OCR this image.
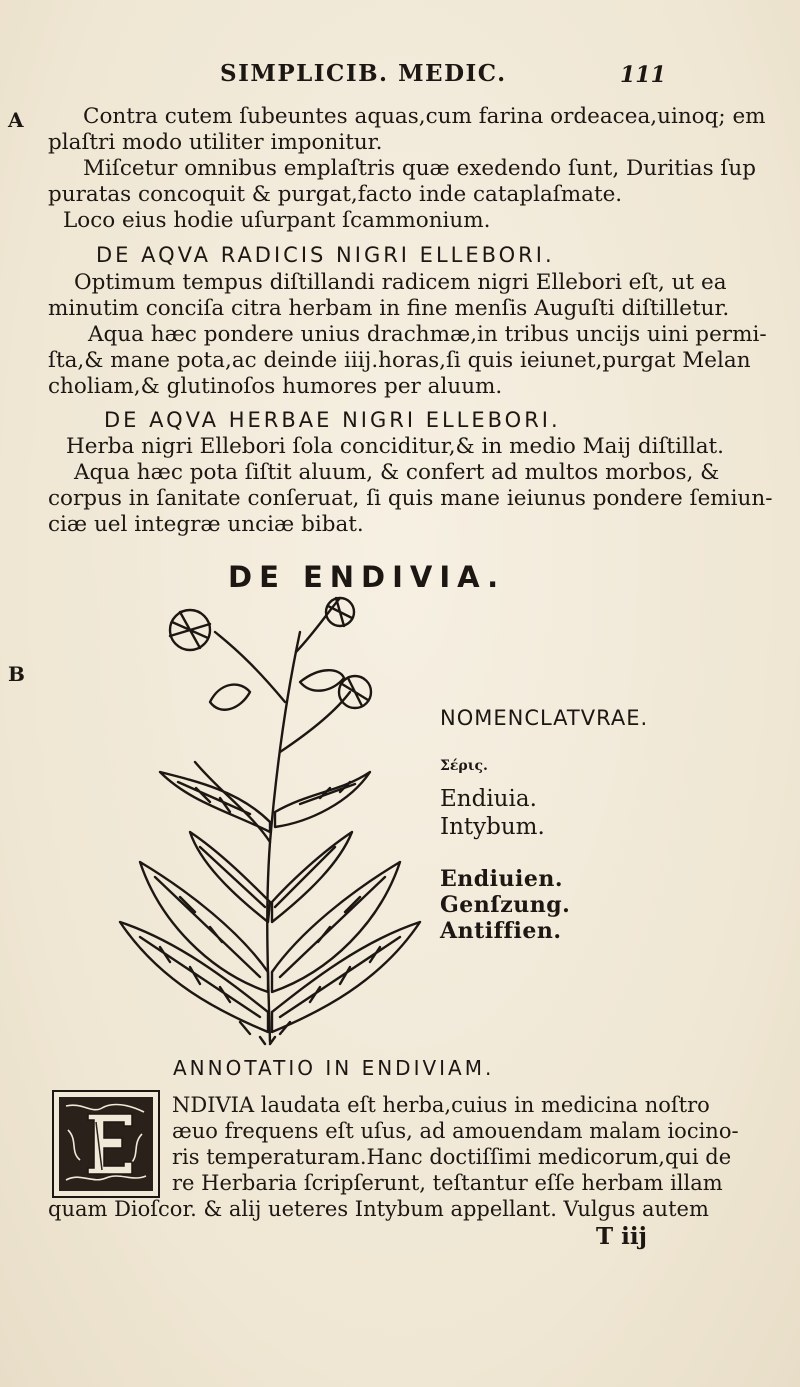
SIMPLICIB. MEDIC.	111
A
B
Contra cutem ſubeuntes aquas,cum farina ordeacea,uinoq; em
plaſtri modo utiliter imponitur.
Miſcetur omnibus emplaſtris quæ exedendo ſunt, Duritias ſup
puratas concoquit & purgat,facto inde cataplaſmate.
Loco eius hodie uſurpant ſcammonium.
DE AQVA RADICIS NIGRI ELLEBORI.
Optimum tempus diſtillandi radicem nigri Ellebori eſt, ut ea
minutim conciſa citra herbam in fine menſis Auguſti diſtilletur.
Aqua hæc pondere unius drachmæ,in tribus uncijs uini permi-
ſta,& mane pota,ac deinde iiij.horas,ſi quis ieiunet,purgat Melan
choliam,& glutinoſos humores per aluum.
DE AQVA HERBAE NIGRI ELLEBORI.
Herba nigri Ellebori ſola conciditur,& in medio Maij diſtillat.
Aqua hæc pota ſiſtit aluum, & confert ad multos morbos, &
corpus in ſanitate conſeruat, ſi quis mane ieiunus pondere ſemiun-
ciæ uel integræ unciæ bibat.
DE ENDIVIA.
NOMENCLATVRAE.
Σέρις.
Endiuia.
Intybum.
Endiuien.
Genſzung.
Antiffien.
ANNOTATIO IN ENDIVIAM.
NDIVIA laudata eſt herba,cuius in medicina noſtro
æuo frequens eſt uſus, ad amouendam malam iocino-
ris temperaturam.Hanc doctiſſimi medicorum,qui de
re Herbaria ſcripſerunt, teſtantur eſſe herbam illam
quam Dioſcor. & alij ueteres Intybum appellant. Vulgus autem
T iij
